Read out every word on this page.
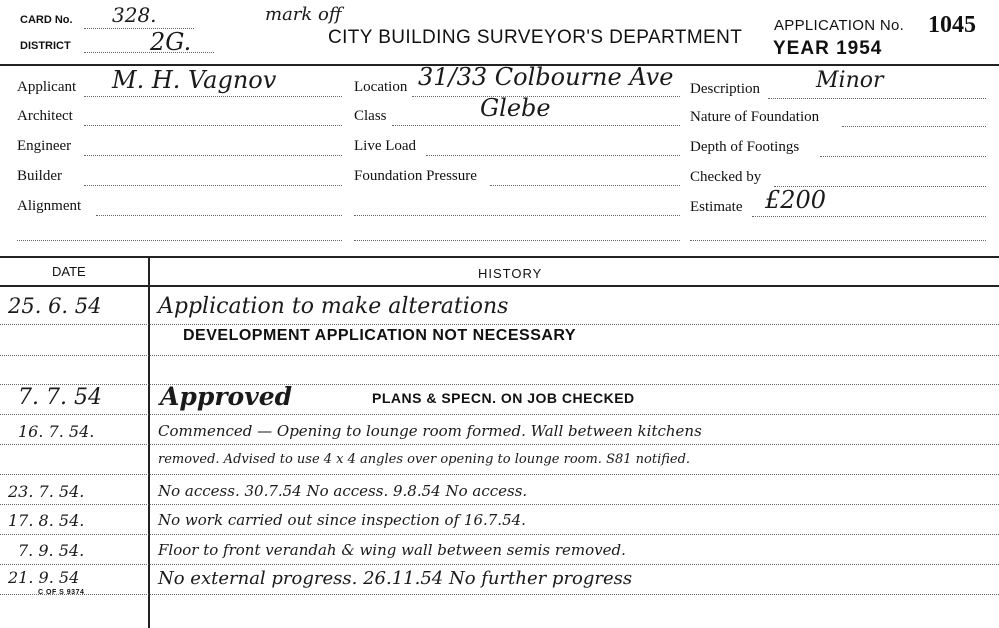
CARD No. 328.
DISTRICT	2G.
mark off
CITY BUILDING SURVEYOR'S DEPARTMENT
APPLICATION No. 1045
YEAR 1954
Applicant M. H. Vagnov
Architect
Engineer
Builder
Alignment
Location 31/33 Colbourne Ave
Class	Glebe
Live Load
Foundation Pressure
Description	Minor
Nature of Foundation
Depth of Footings
Checked by
Estimate £200
DATE	HISTORY
25. 6. 54	Application to make alterations
DEVELOPMENT APPLICATION NOT NECESSARY
7. 7. 54 Approved	PLANS & SPECN. ON JOB CHECKED
16. 7. 54.	Commenced — Opening to lounge room formed. Wall between kitchens
removed. Advised to use 4 x 4 angles over opening to lounge room. S81 notified.
23. 7. 54.	No access. 30.7.54 No access. 9.8.54 No access.
17. 8. 54.	No work carried out since inspection of 16.7.54.
7. 9. 54.	Floor to front verandah & wing wall between semis removed.
21. 9. 54	No external progress. 26.11.54 No further progress
C OF S 9374
